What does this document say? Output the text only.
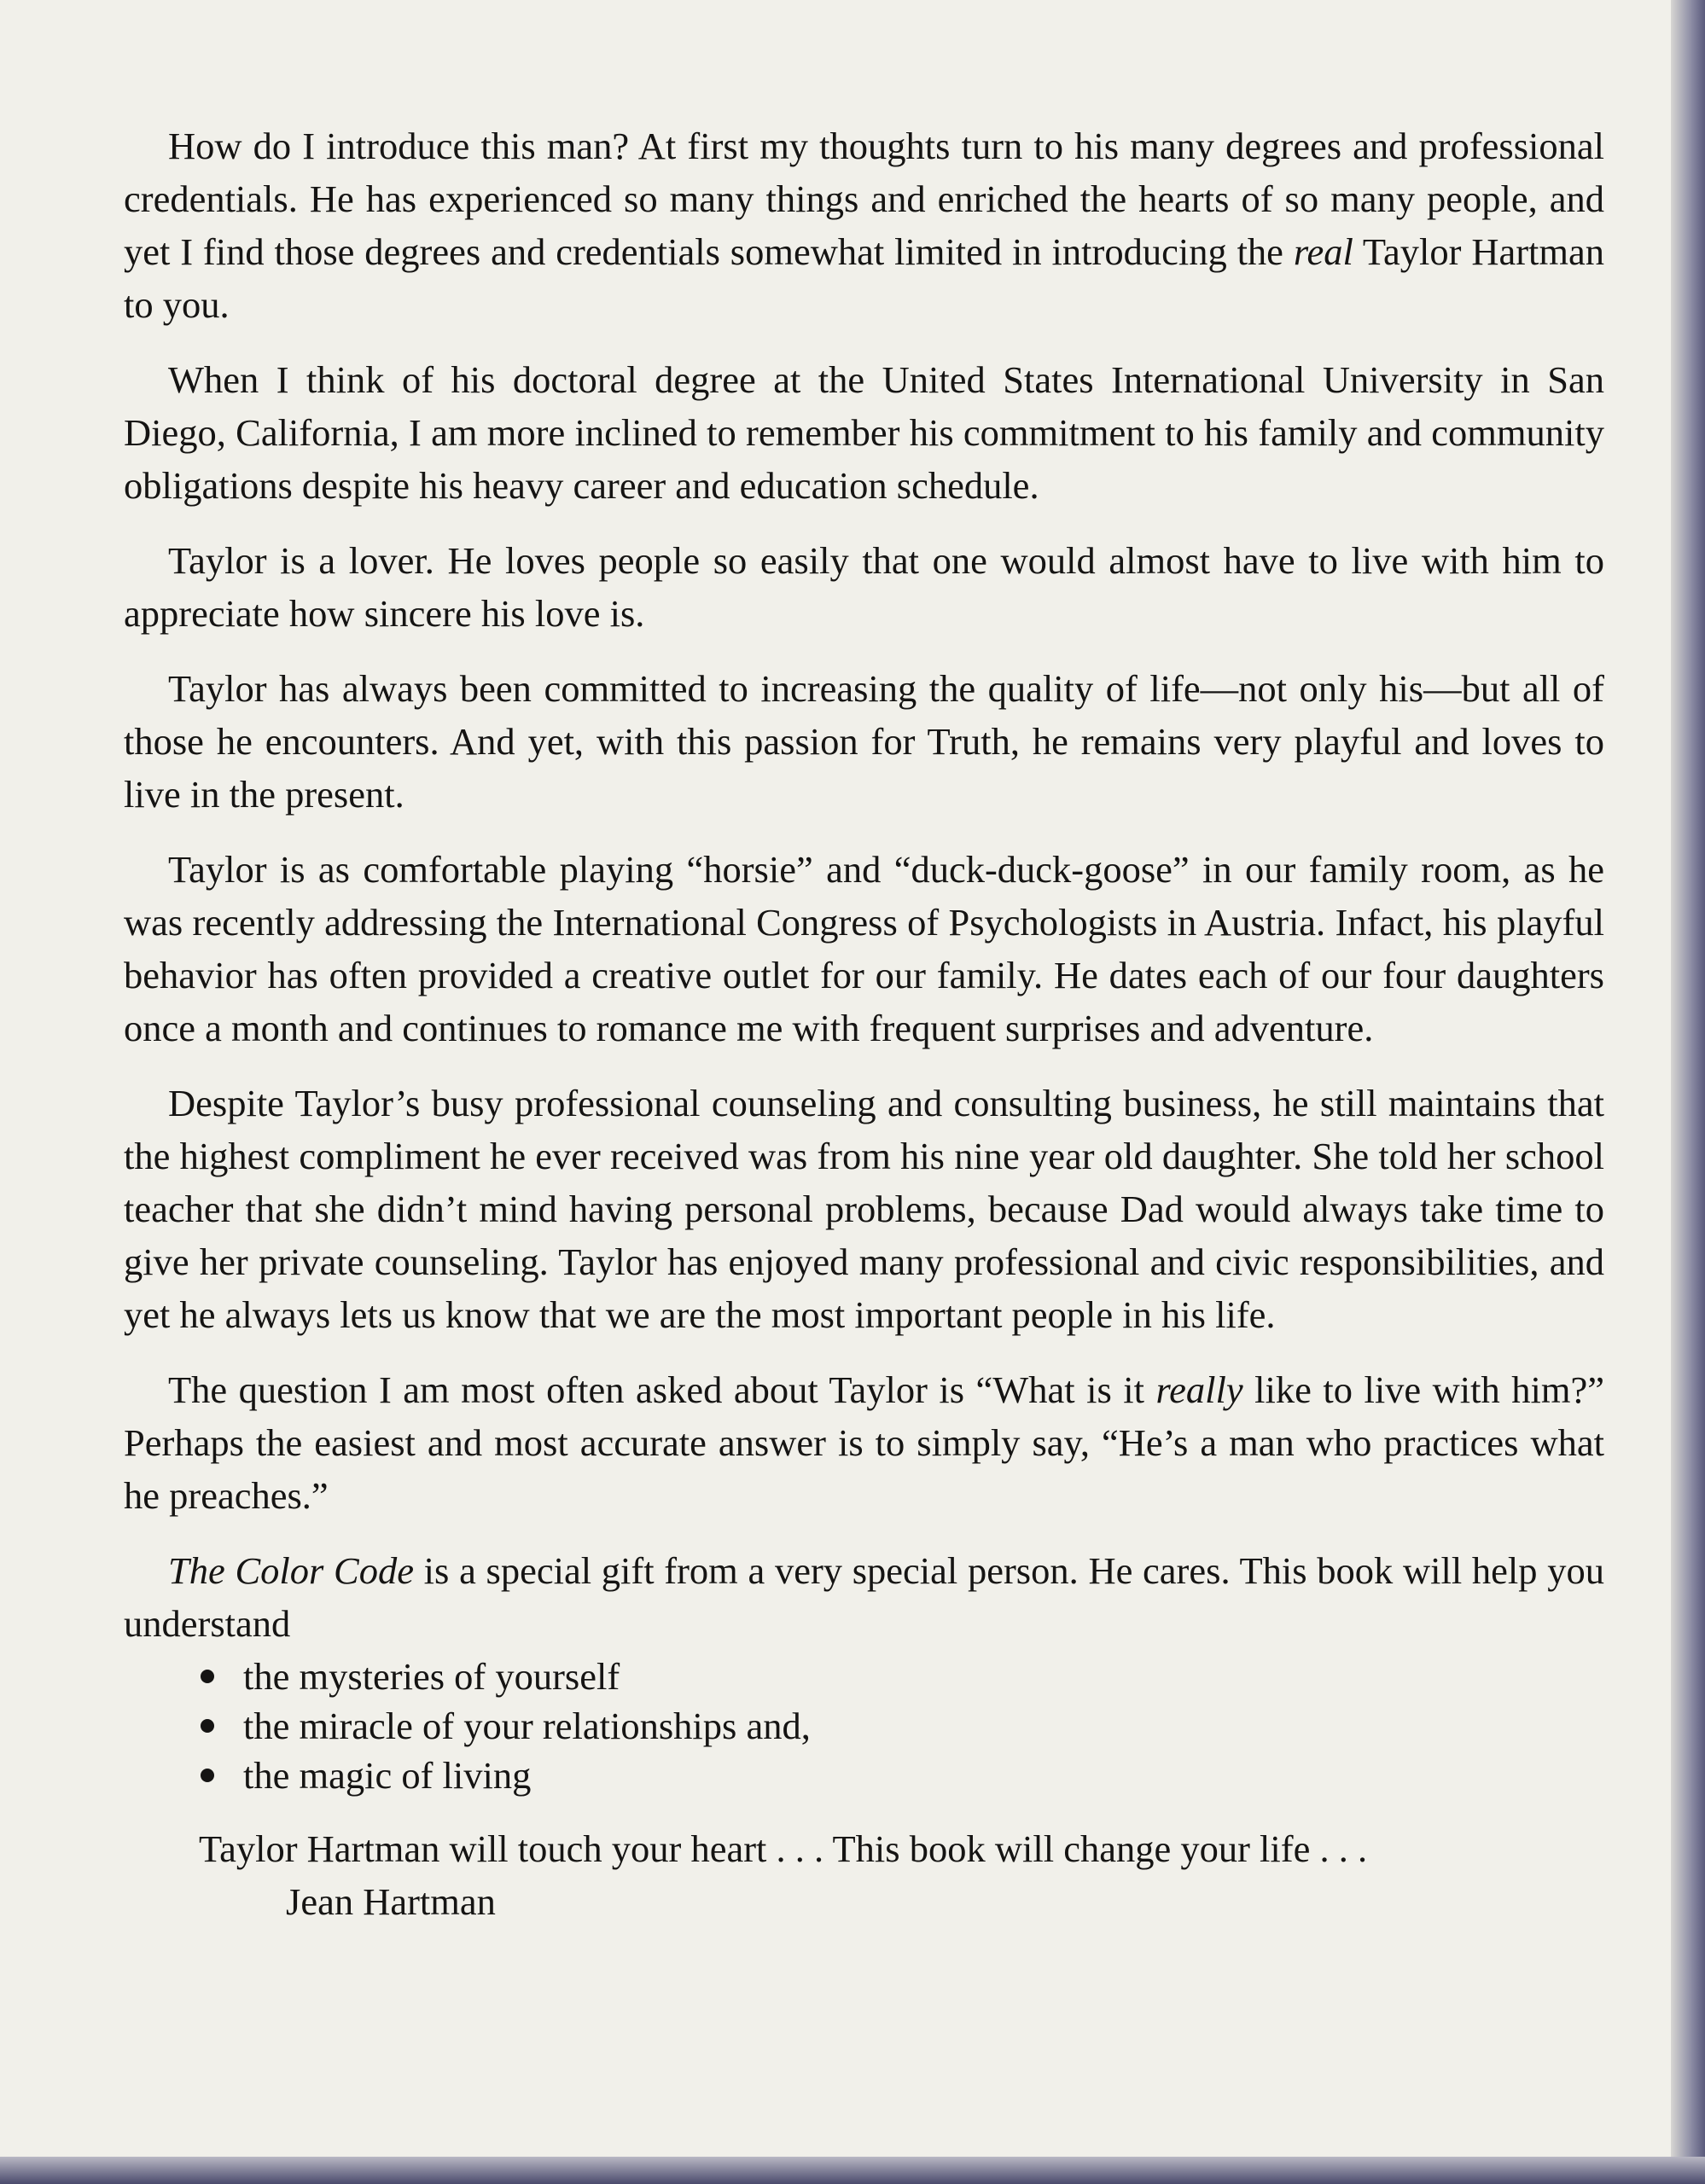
How do I introduce this man? At first my thoughts turn to his many degrees and professional credentials. He has experienced so many things and enriched the hearts of so many people, and yet I find those degrees and credentials somewhat limited in introducing the real Taylor Hartman to you.

When I think of his doctoral degree at the United States International University in San Diego, California, I am more inclined to remember his commitment to his family and community obligations despite his heavy career and education schedule.

Taylor is a lover. He loves people so easily that one would almost have to live with him to appreciate how sincere his love is.

Taylor has always been committed to increasing the quality of life—not only his—but all of those he encounters. And yet, with this passion for Truth, he remains very playful and loves to live in the present.

Taylor is as comfortable playing “horsie” and “duck-duck-goose” in our family room, as he was recently addressing the International Congress of Psychologists in Austria. Infact, his playful behavior has often provided a creative outlet for our family. He dates each of our four daughters once a month and continues to romance me with frequent surprises and adventure.

Despite Taylor’s busy professional counseling and consulting business, he still maintains that the highest compliment he ever received was from his nine year old daughter. She told her school teacher that she didn’t mind having personal problems, because Dad would always take time to give her private counseling. Taylor has enjoyed many professional and civic responsibilities, and yet he always lets us know that we are the most important people in his life.

The question I am most often asked about Taylor is “What is it really like to live with him?” Perhaps the easiest and most accurate answer is to simply say, “He’s a man who practices what he preaches.”

The Color Code is a special gift from a very special person. He cares. This book will help you understand

the mysteries of yourself
the miracle of your relationships and,
the magic of living

Taylor Hartman will touch your heart . . . This book will change your life . . .

Jean Hartman
